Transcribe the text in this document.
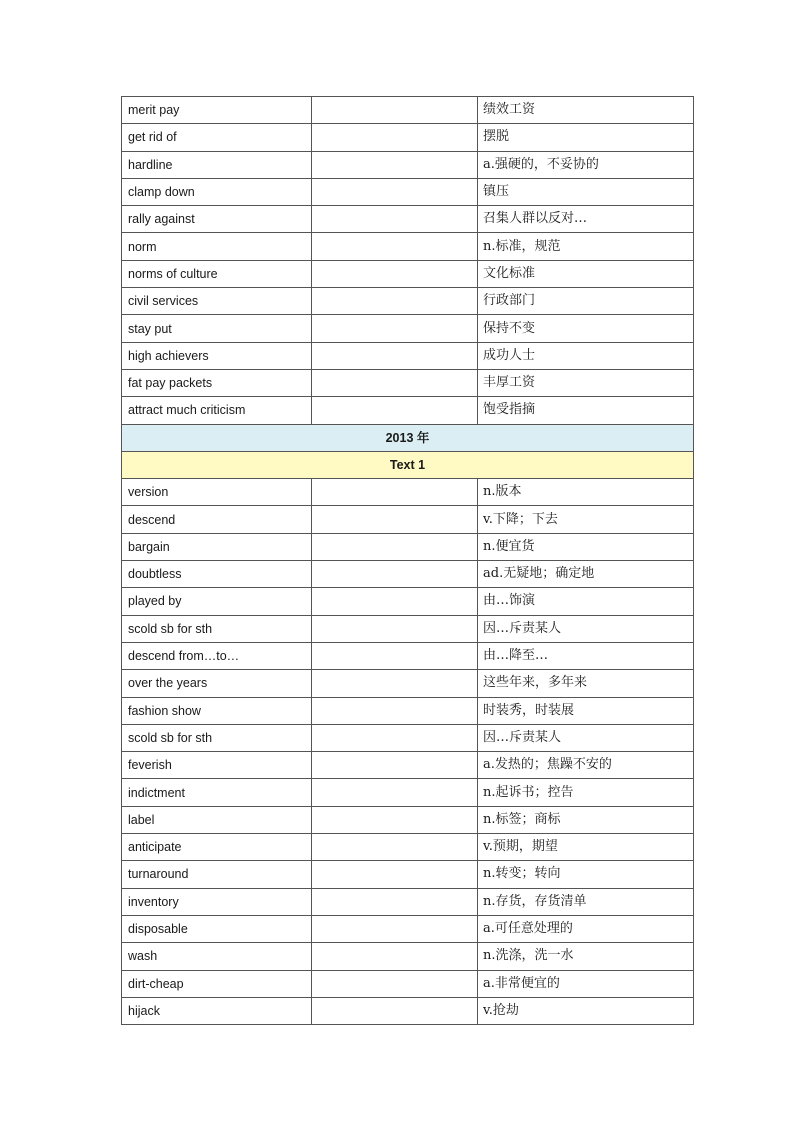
merit pay		绩效工资
get rid of		摆脱
hardline		a.强硬的，不妥协的
clamp down		镇压
rally against		召集人群以反对…
norm		n.标准，规范
norms of culture		文化标准
civil services		行政部门
stay put		保持不变
high achievers		成功人士
fat pay packets		丰厚工资
attract much criticism		饱受指摘
2013 年		
Text 1		
version		n.版本
descend		v.下降；下去
bargain		n.便宜货
doubtless		ad.无疑地；确定地
played by		由…饰演
scold sb for sth		因…斥责某人
descend from…to…		由…降至…
over the years		这些年来，多年来
fashion show		时装秀，时装展
scold sb for sth		因…斥责某人
feverish		a.发热的；焦躁不安的
indictment		n.起诉书；控告
label		n.标签；商标
anticipate		v.预期，期望
turnaround		n.转变；转向
inventory		n.存货，存货清单
disposable		a.可任意处理的
wash		n.洗涤，洗一水
dirt-cheap		a.非常便宜的
hijack		v.抢劫
